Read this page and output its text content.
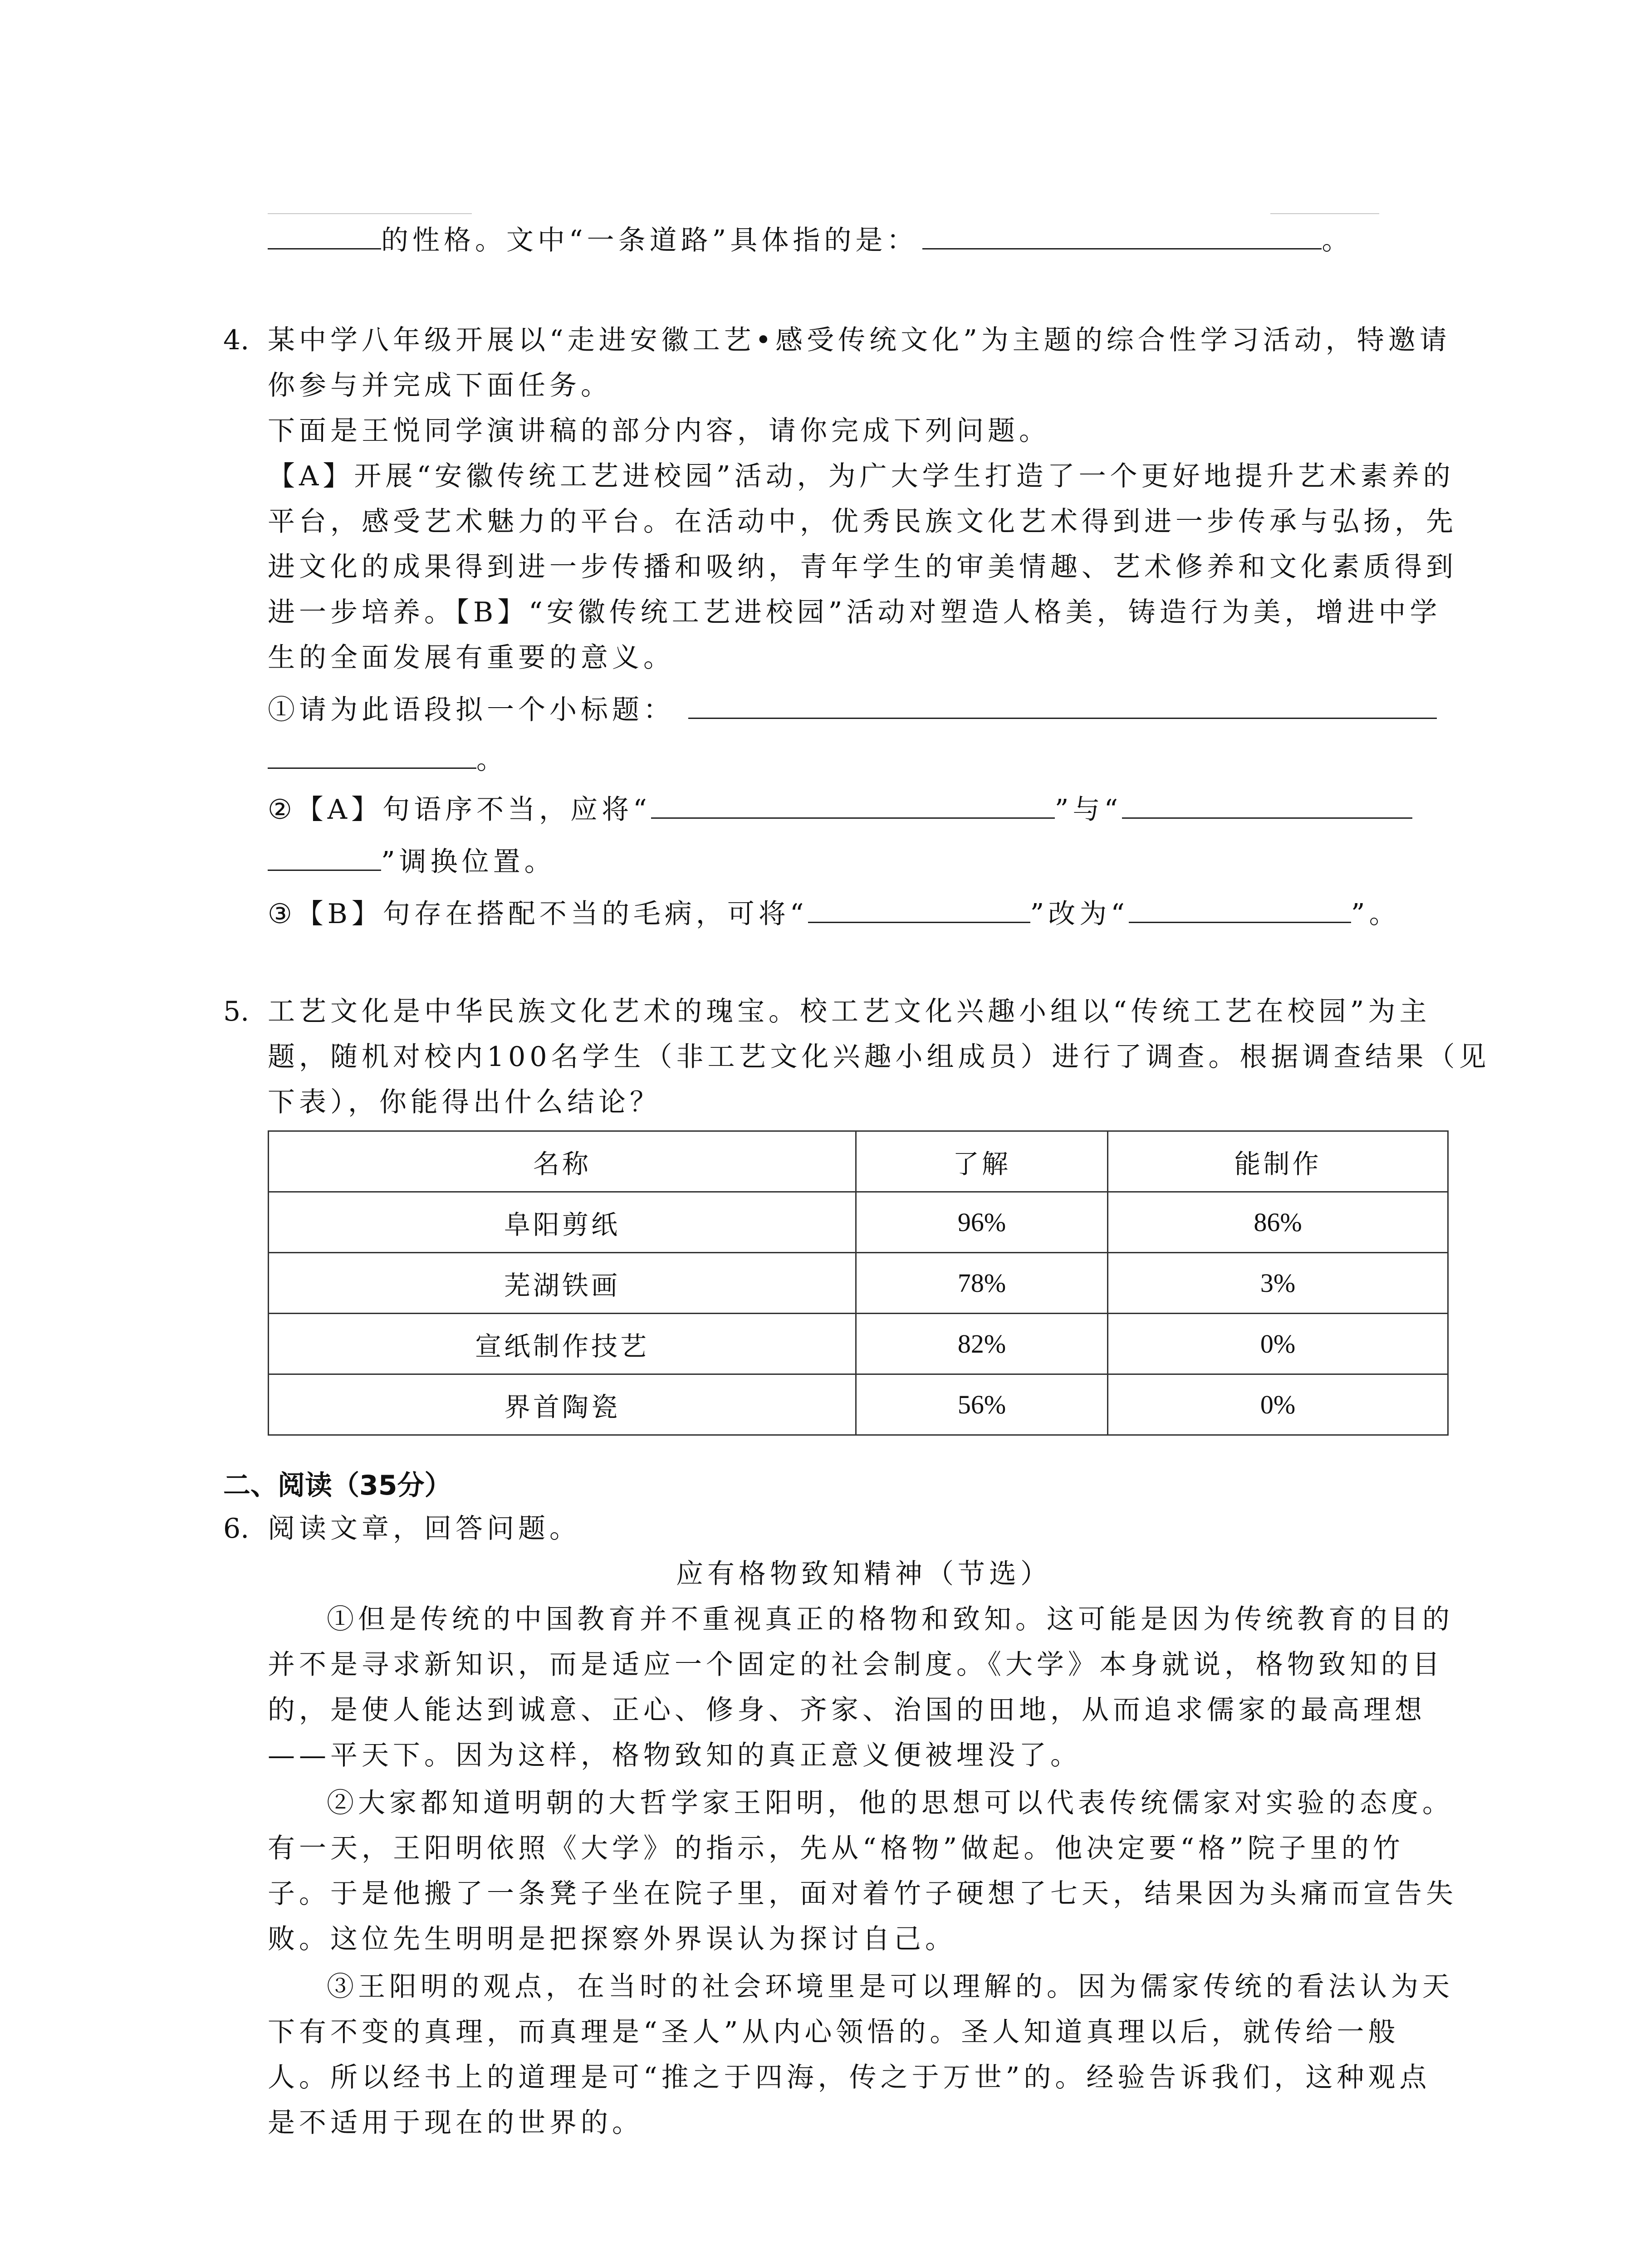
的性格。文中“一条道路”具体指的是：	。
4. 某中学八年级开展以“走进安徽工艺•感受传统文化”为主题的综合性学习活动，特邀请
你参与并完成下面任务。
下面是王悦同学演讲稿的部分内容，请你完成下列问题。
【A】开展“安徽传统工艺进校园”活动，为广大学生打造了一个更好地提升艺术素养的
平台，感受艺术魅力的平台。在活动中，优秀民族文化艺术得到进一步传承与弘扬，先
进文化的成果得到进一步传播和吸纳，青年学生的审美情趣、艺术修养和文化素质得到
进一步培养。【B】“安徽传统工艺进校园”活动对塑造人格美，铸造行为美，增进中学
生的全面发展有重要的意义。
①请为此语段拟一个小标题：
。
②【A】句语序不当，应将“	”与“
”调换位置。
③【B】句存在搭配不当的毛病，可将“	”改为“	”。
5. 工艺文化是中华民族文化艺术的瑰宝。校工艺文化兴趣小组以“传统工艺在校园”为主
题，随机对校内100名学生（非工艺文化兴趣小组成员）进行了调查。根据调查结果（见
下表），你能得出什么结论？
名称	了解	能制作
阜阳剪纸	96%	86%
芜湖铁画	78%	3%
宣纸制作技艺	82%	0%
界首陶瓷	56%	0%
二、阅读（35分）
6. 阅读文章，回答问题。
应有格物致知精神（节选）
①但是传统的中国教育并不重视真正的格物和致知。这可能是因为传统教育的目的
并不是寻求新知识，而是适应一个固定的社会制度。《大学》本身就说，格物致知的目
的，是使人能达到诚意、正心、修身、齐家、治国的田地，从而追求儒家的最高理想
——平天下。因为这样，格物致知的真正意义便被埋没了。
②大家都知道明朝的大哲学家王阳明，他的思想可以代表传统儒家对实验的态度。
有一天，王阳明依照《大学》的指示，先从“格物”做起。他决定要“格”院子里的竹
子。于是他搬了一条凳子坐在院子里，面对着竹子硬想了七天，结果因为头痛而宣告失
败。这位先生明明是把探察外界误认为探讨自己。
③王阳明的观点，在当时的社会环境里是可以理解的。因为儒家传统的看法认为天
下有不变的真理，而真理是“圣人”从内心领悟的。圣人知道真理以后，就传给一般
人。所以经书上的道理是可“推之于四海，传之于万世”的。经验告诉我们，这种观点
是不适用于现在的世界的。
